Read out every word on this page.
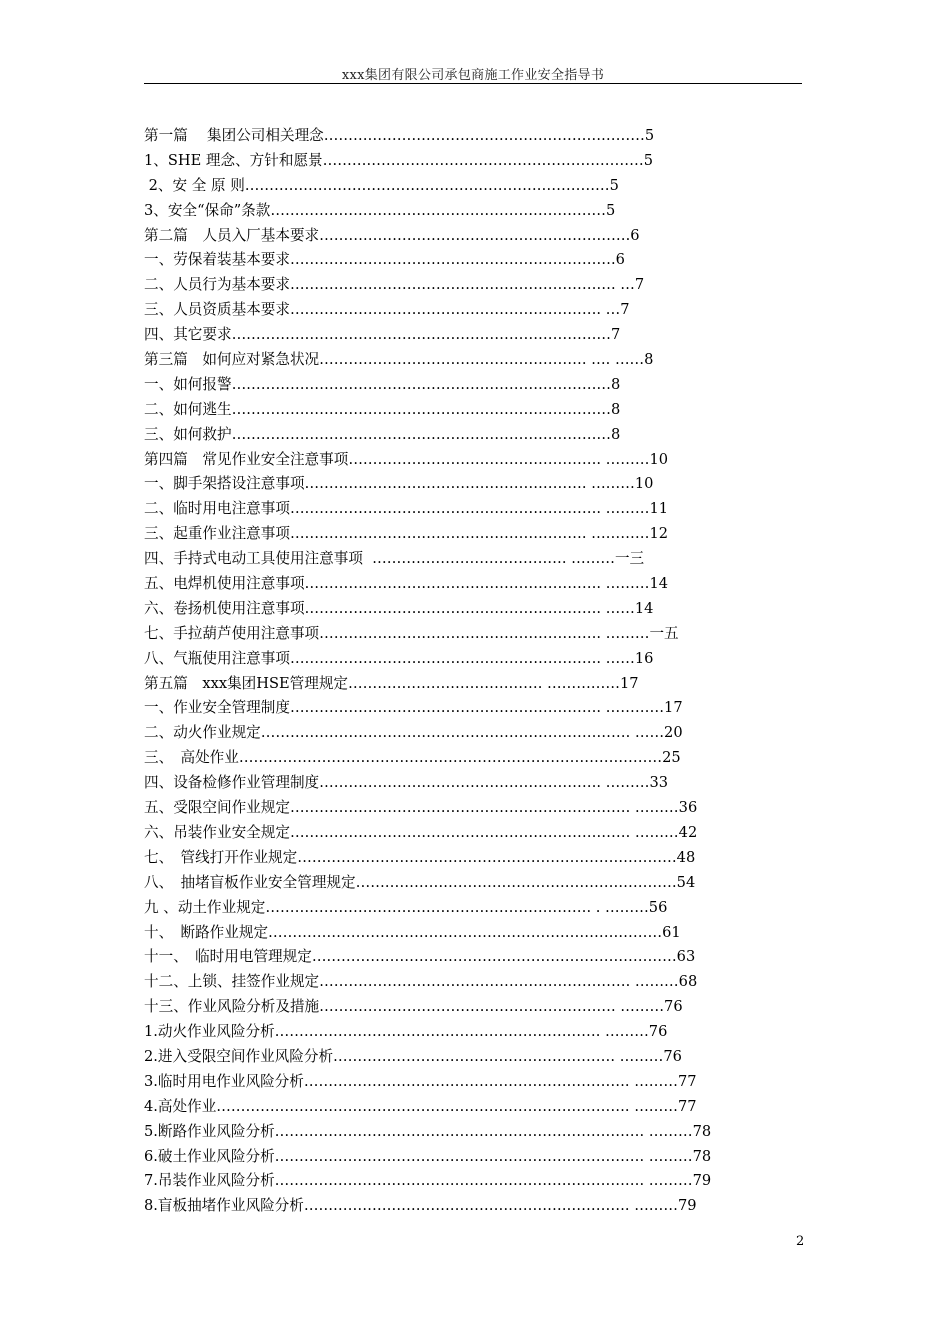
xxx集团有限公司承包商施工作业安全指导书
第一篇　 集团公司相关理念…………………………………………………………5
1、SHE 理念、方针和愿景…………………………………………………………5
2、安 全 原 则…………………………………………………………………5
3、安全“保命”条款……………………………………………………………5
第二篇　人员入厂基本要求……………………………………………………….6
一、劳保着装基本要求………………………………………………………….6
二、人员行为基本要求…………………………………………………………. …7
三、人员资质基本要求………………………………………………………. …7
四、其它要求……………………………………………………………………7
第三篇　如何应对紧急状况………………………………………………. …. ……8
一、如何报警……………………………………………………………………8
二、如何逃生……………………………………………………………………8
三、如何救护……………………………………………………………………8
第四篇　常见作业安全注意事项……………………………………………. ………10
一、脚手架搭设注意事项…………………………………………………. ………10
二、临时用电注意事项………………………………………………………. ………11
三、起重作业注意事项……………………………………………………. …………12
四、手持式电动工具使用注意事项  …………………………………. ………一三
五、电焊机使用注意事项……………………………………………………. ………14
六、卷扬机使用注意事项……………………………………………………. ……14
七、手拉葫芦使用注意事项…………………………………………………. ………一五
八、气瓶使用注意事项………………………………………………………. ……16
第五篇　xxx集团HSE管理规定…………………………………. ……………17
一、作业安全管理制度………………………………………………………. …………17
二、动火作业规定…………………………………………………………………. ……20
三、　高处作业……………………………………………………………………………25
四、设备检修作业管理制度…………………………………………………. ………33
五、受限空间作业规定……………………………………………………………. ………36
六、吊装作业安全规定……………………………………………………………. ………42
七、　管线打开作业规定……………………………………………………………………48
八、　抽堵盲板作业安全管理规定…………………………………………………………54
九 、动土作业规定…………………………………………………………. . ………56
十、　断路作业规定………………………………………………………………………61
十一、　临时用电管理规定…………………………………………………………………63
十二、上锁、挂签作业规定………………………………………………………. ………68
十三、作业风险分析及措施……………………………………………………. ………76
1.动火作业风险分析…………………………………………………………. ………76
2.进入受限空间作业风险分析…………………………………………………. ………76
3.临时用电作业风险分析…………………………………………………………. ………77
4.高处作业…………………………………………………………………………. ………77
5.断路作业风险分析…………………………………………………………………. ………78
6.破土作业风险分析…………………………………………………………………. ………78
7.吊装作业风险分析…………………………………………………………………. ………79
8.盲板抽堵作业风险分析…………………………………………………………. ………79
2
